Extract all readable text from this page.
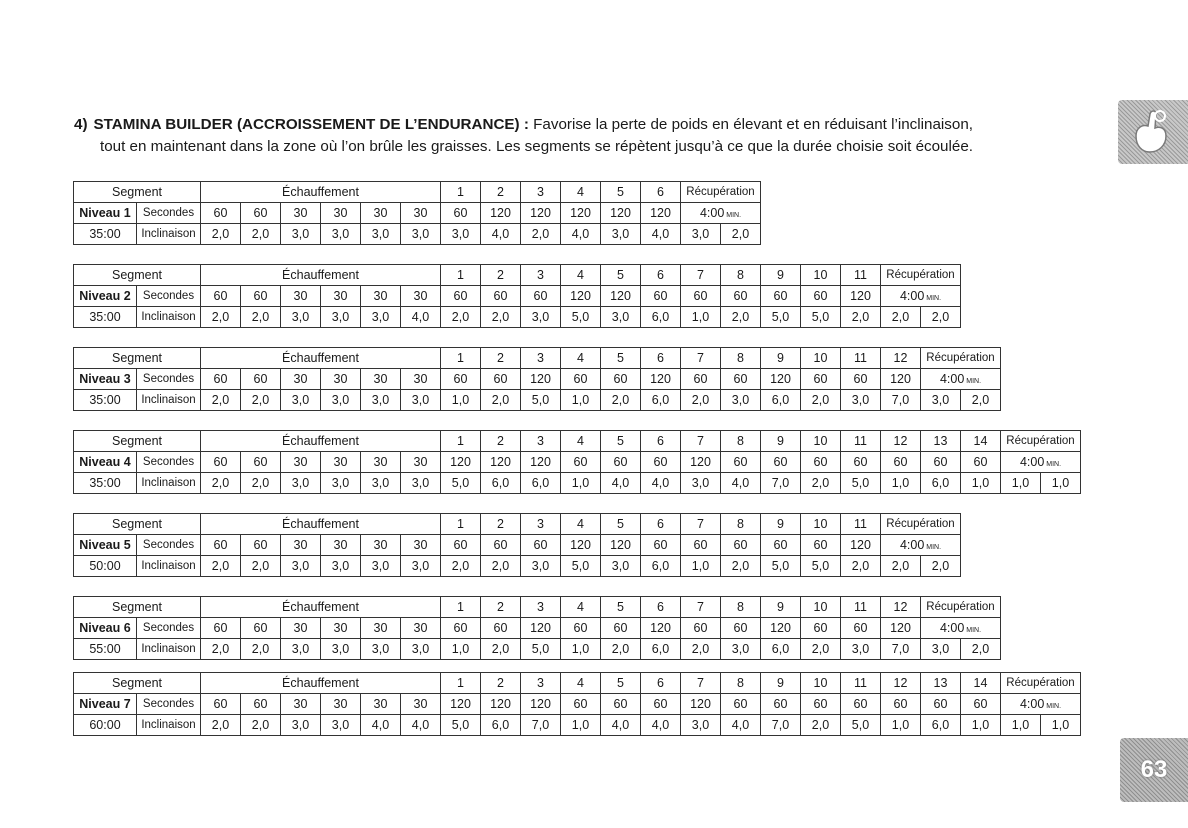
4) STAMINA BUILDER (ACCROISSEMENT DE L’ENDURANCE) : Favorise la perte de poids en élevant et en réduisant l’inclinaison,
tout en maintenant dans la zone où l’on brûle les graisses. Les segments se répètent jusqu’à ce que la durée choisie soit écoulée.

63
Segment		Échauffement						1	2	3	4	5	6	Récupération	
Niveau 1	Secondes	60	60	30	30	30	30	60	120	120	120	120	120	4:00 MIN.	
35:00	Inclinaison	2,0	2,0	3,0	3,0	3,0	3,0	3,0	4,0	2,0	4,0	3,0	4,0	3,0	2,0
Segment		Échauffement						1	2	3	4	5	6	7	8	9	10	11	Récupération	
Niveau 2	Secondes	60	60	30	30	30	30	60	60	60	120	120	60	60	60	60	60	120	4:00 MIN.	
35:00	Inclinaison	2,0	2,0	3,0	3,0	3,0	4,0	2,0	2,0	3,0	5,0	3,0	6,0	1,0	2,0	5,0	5,0	2,0	2,0	2,0
Segment		Échauffement						1	2	3	4	5	6	7	8	9	10	11	12	Récupération	
Niveau 3	Secondes	60	60	30	30	30	30	60	60	120	60	60	120	60	60	120	60	60	120	4:00 MIN.	
35:00	Inclinaison	2,0	2,0	3,0	3,0	3,0	3,0	1,0	2,0	5,0	1,0	2,0	6,0	2,0	3,0	6,0	2,0	3,0	7,0	3,0	2,0
Segment		Échauffement						1	2	3	4	5	6	7	8	9	10	11	12	13	14	Récupération	
Niveau 4	Secondes	60	60	30	30	30	30	120	120	120	60	60	60	120	60	60	60	60	60	60	60	4:00 MIN.	
35:00	Inclinaison	2,0	2,0	3,0	3,0	3,0	3,0	5,0	6,0	6,0	1,0	4,0	4,0	3,0	4,0	7,0	2,0	5,0	1,0	6,0	1,0	1,0	1,0
Segment		Échauffement						1	2	3	4	5	6	7	8	9	10	11	Récupération	
Niveau 5	Secondes	60	60	30	30	30	30	60	60	60	120	120	60	60	60	60	60	120	4:00 MIN.	
50:00	Inclinaison	2,0	2,0	3,0	3,0	3,0	3,0	2,0	2,0	3,0	5,0	3,0	6,0	1,0	2,0	5,0	5,0	2,0	2,0	2,0
Segment		Échauffement						1	2	3	4	5	6	7	8	9	10	11	12	Récupération	
Niveau 6	Secondes	60	60	30	30	30	30	60	60	120	60	60	120	60	60	120	60	60	120	4:00 MIN.	
55:00	Inclinaison	2,0	2,0	3,0	3,0	3,0	3,0	1,0	2,0	5,0	1,0	2,0	6,0	2,0	3,0	6,0	2,0	3,0	7,0	3,0	2,0
Segment		Échauffement						1	2	3	4	5	6	7	8	9	10	11	12	13	14	Récupération	
Niveau 7	Secondes	60	60	30	30	30	30	120	120	120	60	60	60	120	60	60	60	60	60	60	60	4:00 MIN.	
60:00	Inclinaison	2,0	2,0	3,0	3,0	4,0	4,0	5,0	6,0	7,0	1,0	4,0	4,0	3,0	4,0	7,0	2,0	5,0	1,0	6,0	1,0	1,0	1,0
